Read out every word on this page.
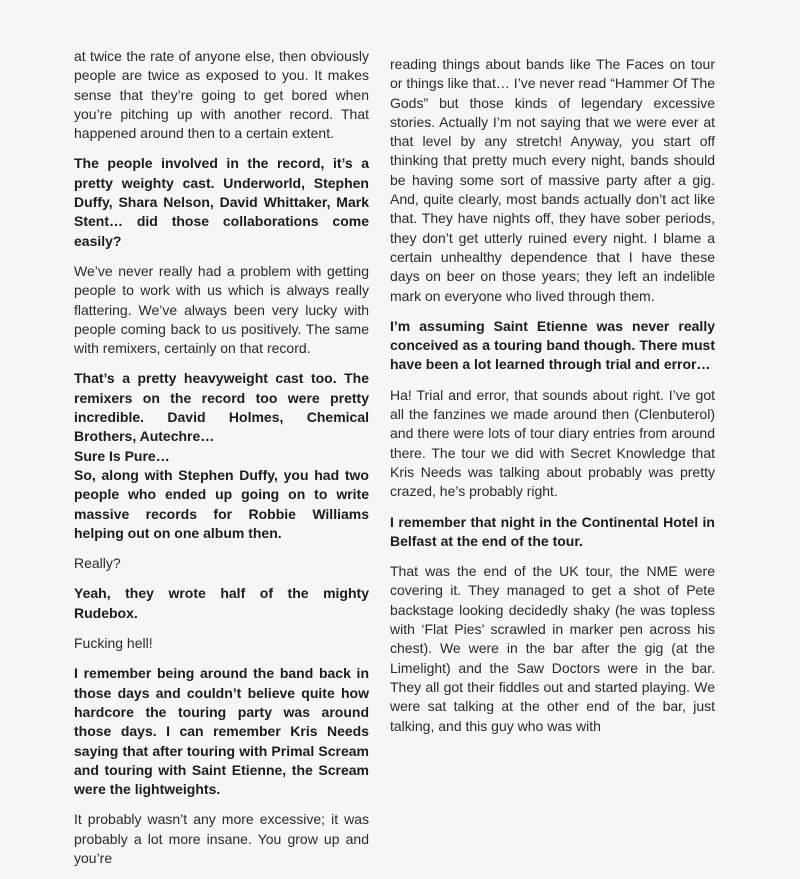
at twice the rate of anyone else, then obviously people are twice as exposed to you. It makes sense that they’re going to get bored when you’re pitching up with another record. That happened around then to a certain extent.

The people involved in the record, it’s a pretty weighty cast. Underworld, Stephen Duffy, Shara Nelson, David Whittaker, Mark Stent… did those collaborations come easily?

We’ve never really had a problem with getting people to work with us which is always really flattering. We’ve always been very lucky with people coming back to us positively. The same with remixers, certainly on that record.

That’s a pretty heavyweight cast too. The remixers on the record too were pretty incredible. David Holmes, Chemical Brothers, Autechre…

Sure Is Pure…

So, along with Stephen Duffy, you had two people who ended up going on to write massive records for Robbie Williams helping out on one album then.

Really?

Yeah, they wrote half of the mighty Rudebox.

Fucking hell!

I remember being around the band back in those days and couldn’t believe quite how hardcore the touring party was around those days. I can remember Kris Needs saying that after touring with Primal Scream and touring with Saint Etienne, the Scream were the lightweights.

It probably wasn’t any more excessive; it was probably a lot more insane. You grow up and you’re

reading things about bands like The Faces on tour or things like that… I’ve never read “Hammer Of The Gods” but those kinds of legendary excessive stories. Actually I’m not saying that we were ever at that level by any stretch! Anyway, you start off thinking that pretty much every night, bands should be having some sort of massive party after a gig. And, quite clearly, most bands actually don’t act like that. They have nights off, they have sober periods, they don’t get utterly ruined every night. I blame a certain unhealthy dependence that I have these days on beer on those years; they left an indelible mark on everyone who lived through them.

I’m assuming Saint Etienne was never really conceived as a touring band though. There must have been a lot learned through trial and error…

Ha! Trial and error, that sounds about right. I’ve got all the fanzines we made around then (Clenbuterol) and there were lots of tour diary entries from around there. The tour we did with Secret Knowledge that Kris Needs was talking about probably was pretty crazed, he’s probably right.

I remember that night in the Continental Hotel in Belfast at the end of the tour.

That was the end of the UK tour, the NME were covering it. They managed to get a shot of Pete backstage looking decidedly shaky (he was topless with ‘Flat Pies’ scrawled in marker pen across his chest). We were in the bar after the gig (at the Limelight) and the Saw Doctors were in the bar. They all got their fiddles out and started playing. We were sat talking at the other end of the bar, just talking, and this guy who was with
